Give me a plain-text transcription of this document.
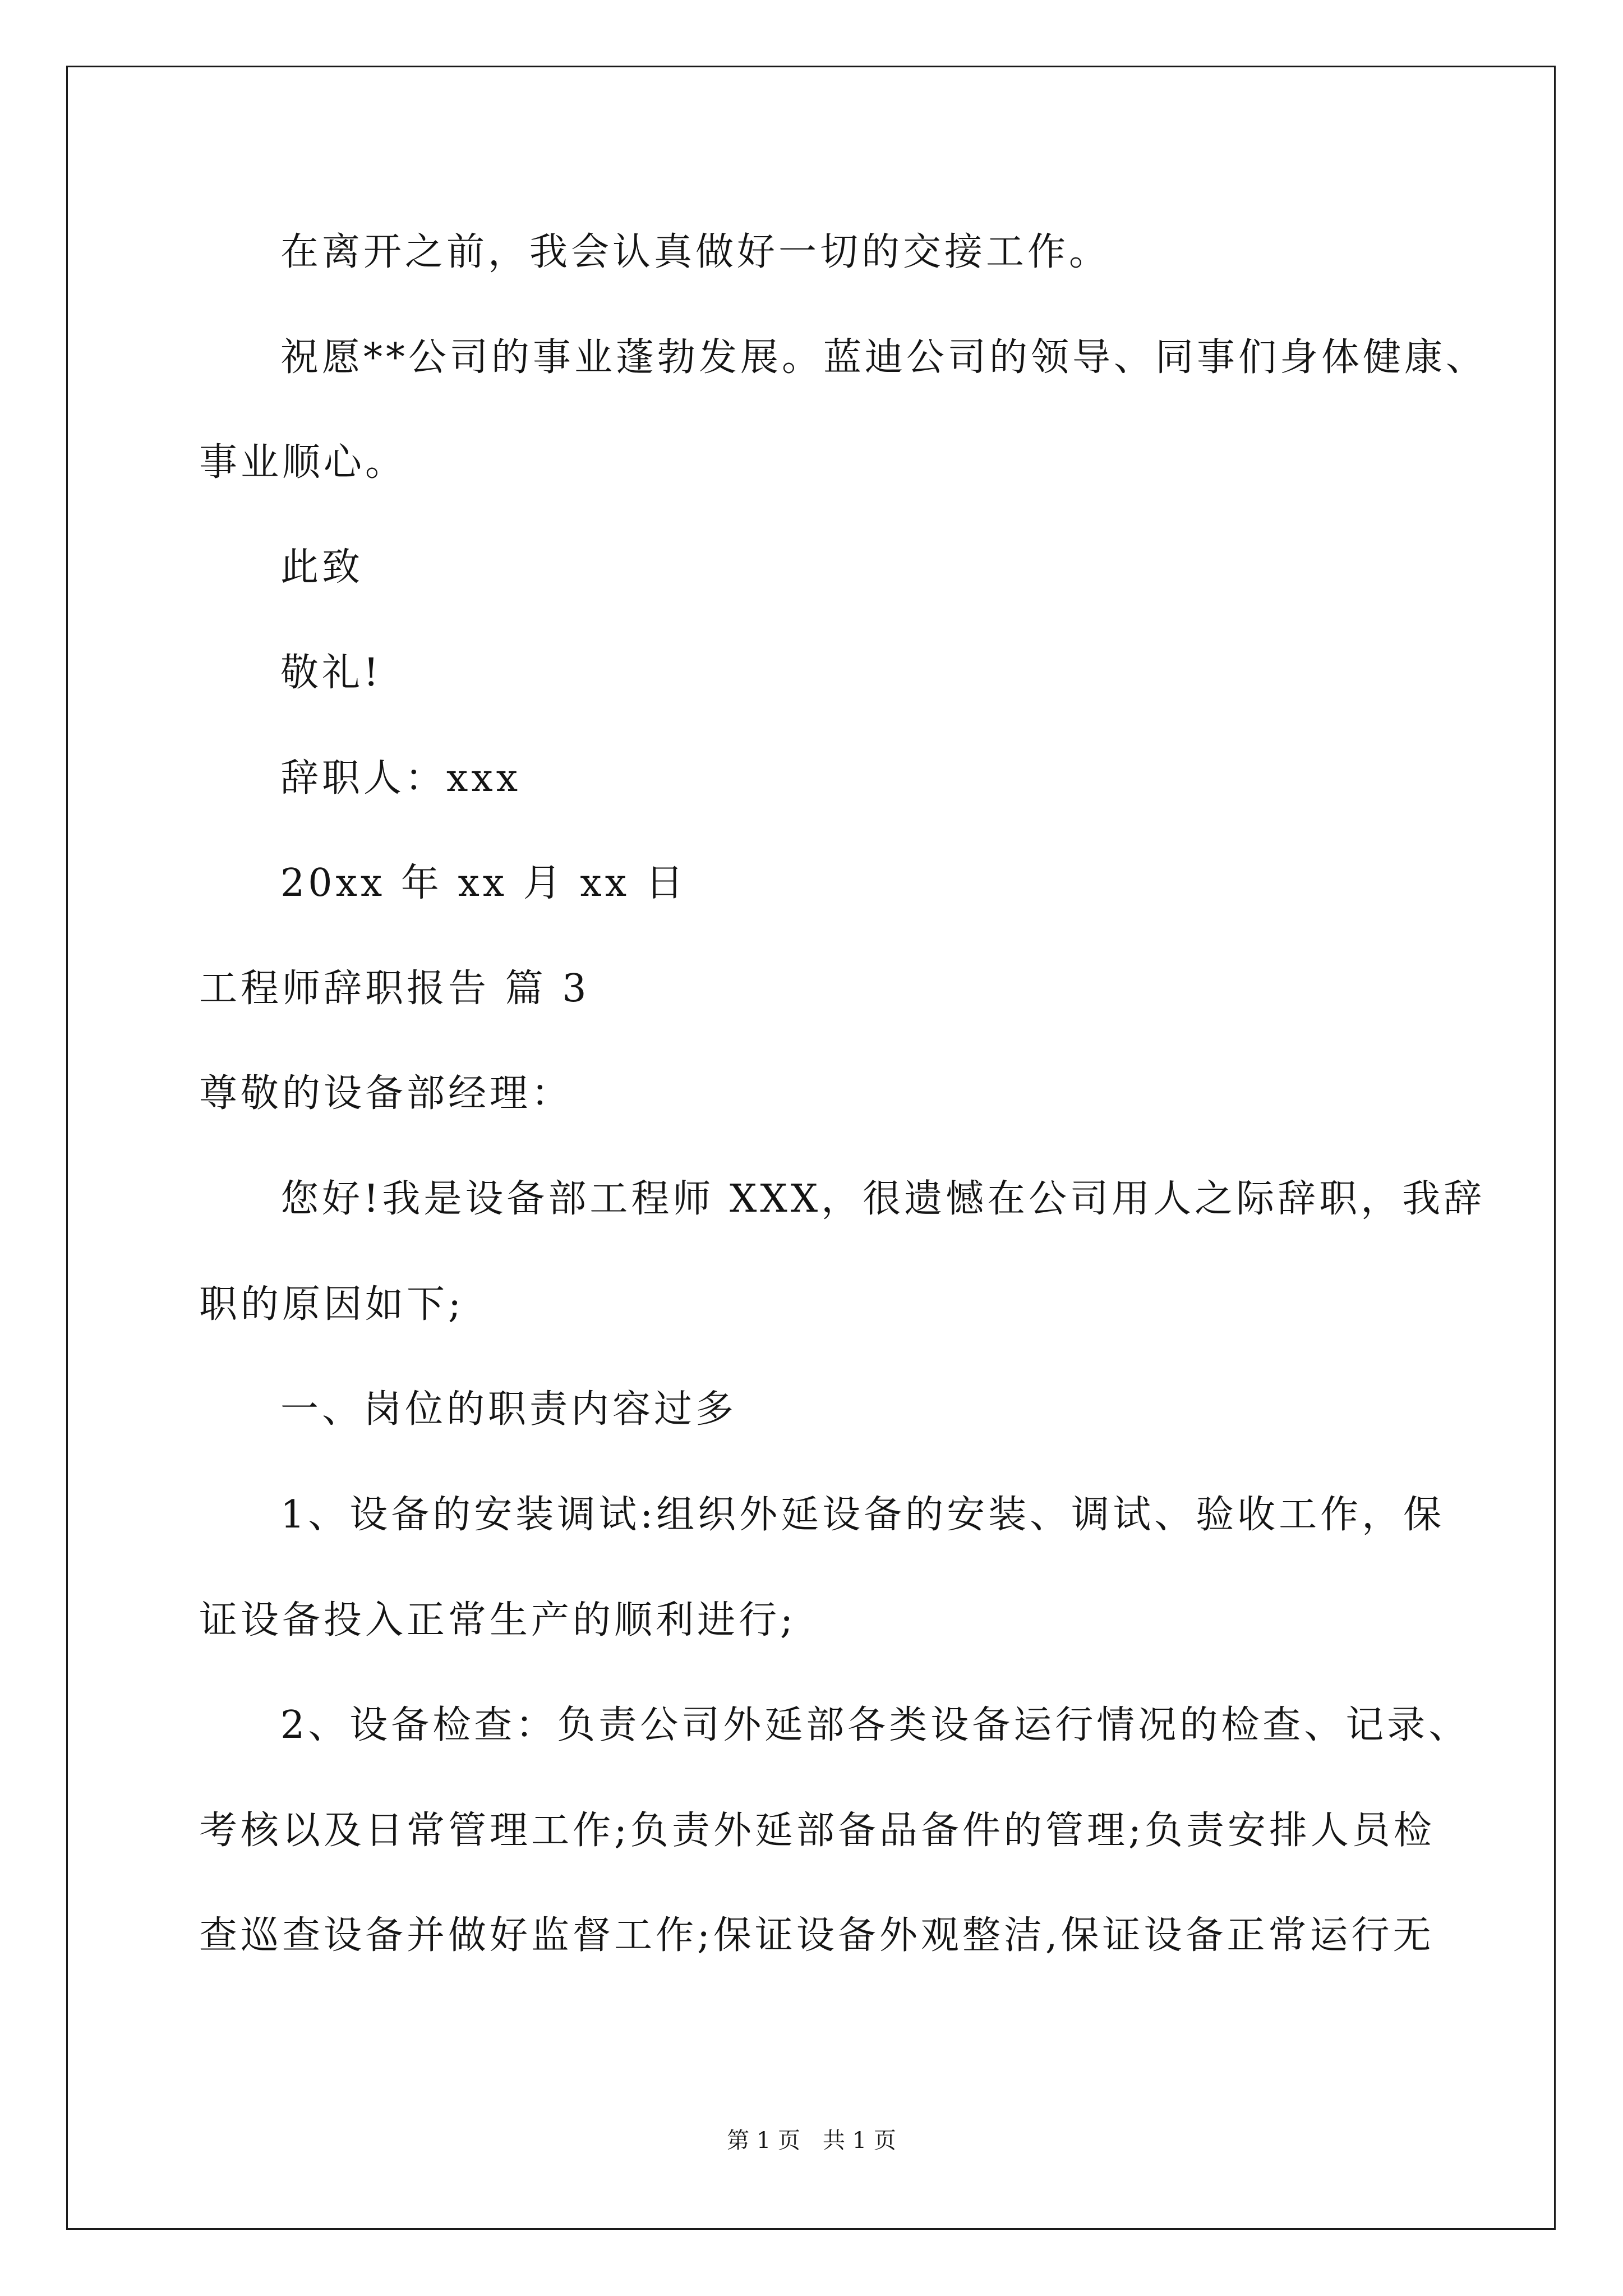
在离开之前，我会认真做好一切的交接工作。

祝愿**公司的事业蓬勃发展。蓝迪公司的领导、同事们身体健康、

事业顺心。

此致

敬礼!

辞职人：xxx

20xx 年 xx 月 xx 日

工程师辞职报告 篇 3

尊敬的设备部经理：

您好!我是设备部工程师 XXX，很遗憾在公司用人之际辞职，我辞

职的原因如下;

一、岗位的职责内容过多

1、设备的安装调试:组织外延设备的安装、调试、验收工作，保

证设备投入正常生产的顺利进行;

2、设备检查：负责公司外延部各类设备运行情况的检查、记录、

考核以及日常管理工作;负责外延部备品备件的管理;负责安排人员检

查巡查设备并做好监督工作;保证设备外观整洁,保证设备正常运行无

第 1 页 共 1 页
